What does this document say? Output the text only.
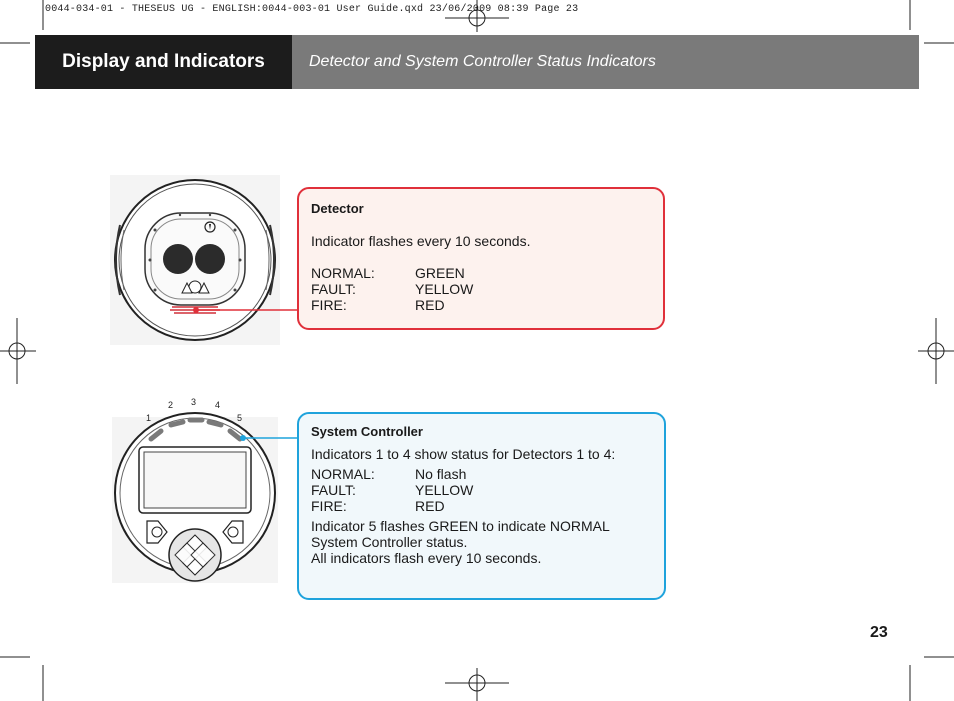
0044-034-01 - THESEUS UG - ENGLISH:0044-003-01 User Guide.qxd 23/06/2009 08:39 Page 23
Display and Indicators	Detector and System Controller Status Indicators
1
2 3 4
5
Detector
Indicator flashes every 10 seconds.
NORMAL:	GREEN
FAULT:	YELLOW
FIRE:	RED
System Controller
Indicators 1 to 4 show status for Detectors 1 to 4:
NORMAL:	No flash
FAULT:	YELLOW
FIRE:	RED
Indicator 5 flashes GREEN to indicate NORMAL
System Controller status.
All indicators flash every 10 seconds.
23
